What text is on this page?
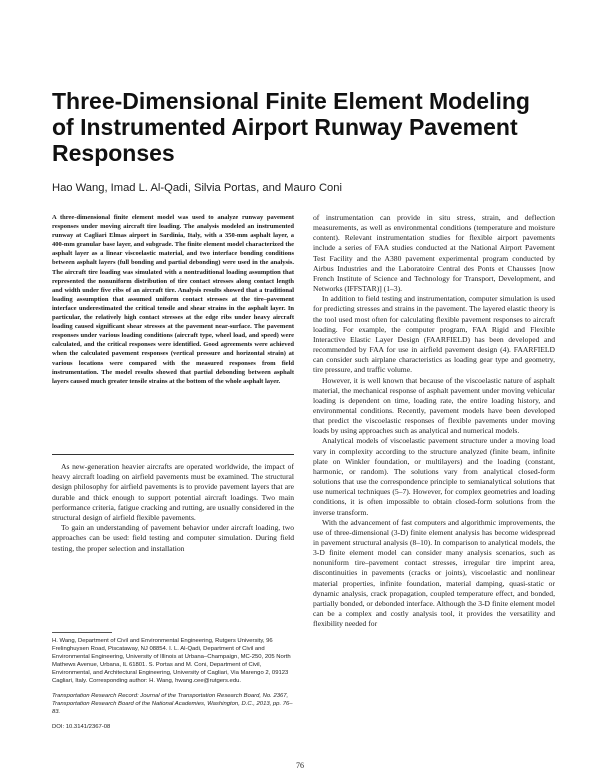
Three-Dimensional Finite Element Modeling of Instrumented Airport Runway Pavement Responses

Hao Wang, Imad L. Al-Qadi, Silvia Portas, and Mauro Coni

A three-dimensional finite element model was used to analyze runway pavement responses under moving aircraft tire loading. The analysis modeled an instrumented runway at Cagliari Elmas airport in Sardinia, Italy, with a 350-mm asphalt layer, a 400-mm granular base layer, and subgrade. The finite element model characterized the asphalt layer as a linear viscoelastic material, and two interface bonding conditions between asphalt layers (full bonding and partial debonding) were used in the analysis. The aircraft tire loading was simulated with a nontraditional loading assumption that represented the nonuniform distribution of tire contact stresses along contact length and width under five ribs of an aircraft tire. Analysis results showed that a traditional loading assumption that assumed uniform contact stresses at the tire–pavement interface underestimated the critical tensile and shear strains in the asphalt layer. In particular, the relatively high contact stresses at the edge ribs under heavy aircraft loading caused significant shear stresses at the pavement near-surface. The pavement responses under various loading conditions (aircraft type, wheel load, and speed) were calculated, and the critical responses were identified. Good agreements were achieved when the calculated pavement responses (vertical pressure and horizontal strain) at various locations were compared with the measured responses from field instrumentation. The model results showed that partial debonding between asphalt layers caused much greater tensile strains at the bottom of the whole asphalt layer.

As new-generation heavier aircrafts are operated worldwide, the impact of heavy aircraft loading on airfield pavements must be examined. The structural design philosophy for airfield pavements is to provide pavement layers that are durable and thick enough to support potential aircraft loadings. Two main performance criteria, fatigue cracking and rutting, are usually considered in the structural design of airfield flexible pavements.

To gain an understanding of pavement behavior under aircraft loading, two approaches can be used: field testing and computer simulation. During field testing, the proper selection and installation

H. Wang, Department of Civil and Environmental Engineering, Rutgers University, 96 Frelinghuysen Road, Piscataway, NJ 08854. I. L. Al-Qadi, Department of Civil and Environmental Engineering, University of Illinois at Urbana–Champaign, MC-250, 205 North Mathews Avenue, Urbana, IL 61801. S. Portas and M. Coni, Department of Civil, Environmental, and Architectural Engineering, University of Cagliari, Via Marengo 2, 09123 Cagliari, Italy. Corresponding author: H. Wang, hwang.cee@rutgers.edu.

Transportation Research Record: Journal of the Transportation Research Board, No. 2367, Transportation Research Board of the National Academies, Washington, D.C., 2013, pp. 76–83.

DOI: 10.3141/2367-08

of instrumentation can provide in situ stress, strain, and deflection measurements, as well as environmental conditions (temperature and moisture content). Relevant instrumentation studies for flexible airport pavements include a series of FAA studies conducted at the National Airport Pavement Test Facility and the A380 pavement experimental program conducted by Airbus Industries and the Laboratoire Central des Ponts et Chausses [now French Institute of Science and Technology for Transport, Development, and Networks (IFFSTAR)] (1–3).

In addition to field testing and instrumentation, computer simulation is used for predicting stresses and strains in the pavement. The layered elastic theory is the tool used most often for calculating flexible pavement responses to aircraft loading. For example, the computer program, FAA Rigid and Flexible Interactive Elastic Layer Design (FAARFIELD) has been developed and recommended by FAA for use in airfield pavement design (4). FAARFIELD can consider such airplane characteristics as loading gear type and geometry, tire pressure, and traffic volume.

However, it is well known that because of the viscoelastic nature of asphalt material, the mechanical response of asphalt pavement under moving vehicular loading is dependent on time, loading rate, the entire loading history, and environmental conditions. Recently, pavement models have been developed that predict the viscoelastic responses of flexible pavements under moving loads by using approaches such as analytical and numerical models.

Analytical models of viscoelastic pavement structure under a moving load vary in complexity according to the structure analyzed (finite beam, infinite plate on Winkler foundation, or multilayers) and the loading (constant, harmonic, or random). The solutions vary from analytical closed-form solutions that use the correspondence principle to semianalytical solutions that use numerical techniques (5–7). However, for complex geometries and loading conditions, it is often impossible to obtain closed-form solutions from the inverse transform.

With the advancement of fast computers and algorithmic improvements, the use of three-dimensional (3-D) finite element analysis has become widespread in pavement structural analysis (8–10). In comparison to analytical models, the 3-D finite element model can consider many analysis scenarios, such as nonuniform tire–pavement contact stresses, irregular tire imprint area, discontinuities in pavements (cracks or joints), viscoelastic and nonlinear material properties, infinite foundation, material damping, quasi-static or dynamic analysis, crack propagation, coupled temperature effect, and bonded, partially bonded, or debonded interface. Although the 3-D finite element model can be a complex and costly analysis tool, it provides the versatility and flexibility needed for

76
